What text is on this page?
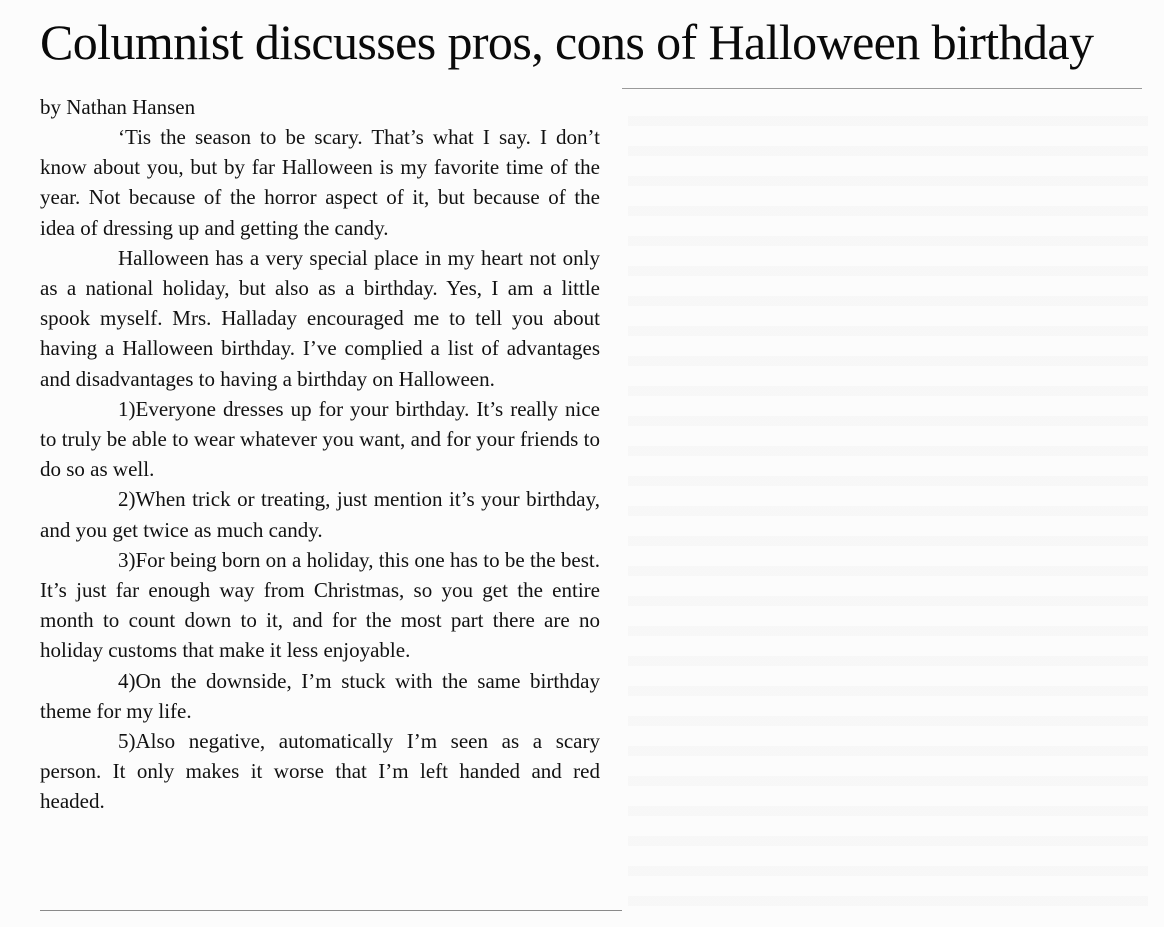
Columnist discusses pros, cons of Halloween birthday

by Nathan Hansen

‘Tis the season to be scary. That’s what I say. I don’t know about you, but by far Halloween is my favorite time of the year. Not because of the horror aspect of it, but because of the idea of dressing up and getting the candy.

Halloween has a very special place in my heart not only as a national holiday, but also as a birthday. Yes, I am a little spook myself. Mrs. Halladay encouraged me to tell you about having a Halloween birthday. I’ve complied a list of advantages and disadvantages to having a birthday on Halloween.

1)Everyone dresses up for your birthday. It’s really nice to truly be able to wear whatever you want, and for your friends to do so as well.

2)When trick or treating, just mention it’s your birthday, and you get twice as much candy.

3)For being born on a holiday, this one has to be the best. It’s just far enough way from Christmas, so you get the entire month to count down to it, and for the most part there are no holiday customs that make it less enjoyable.

4)On the downside, I’m stuck with the same birthday theme for my life.

5)Also negative, automatically I’m seen as a scary person. It only makes it worse that I’m left handed and red headed.
